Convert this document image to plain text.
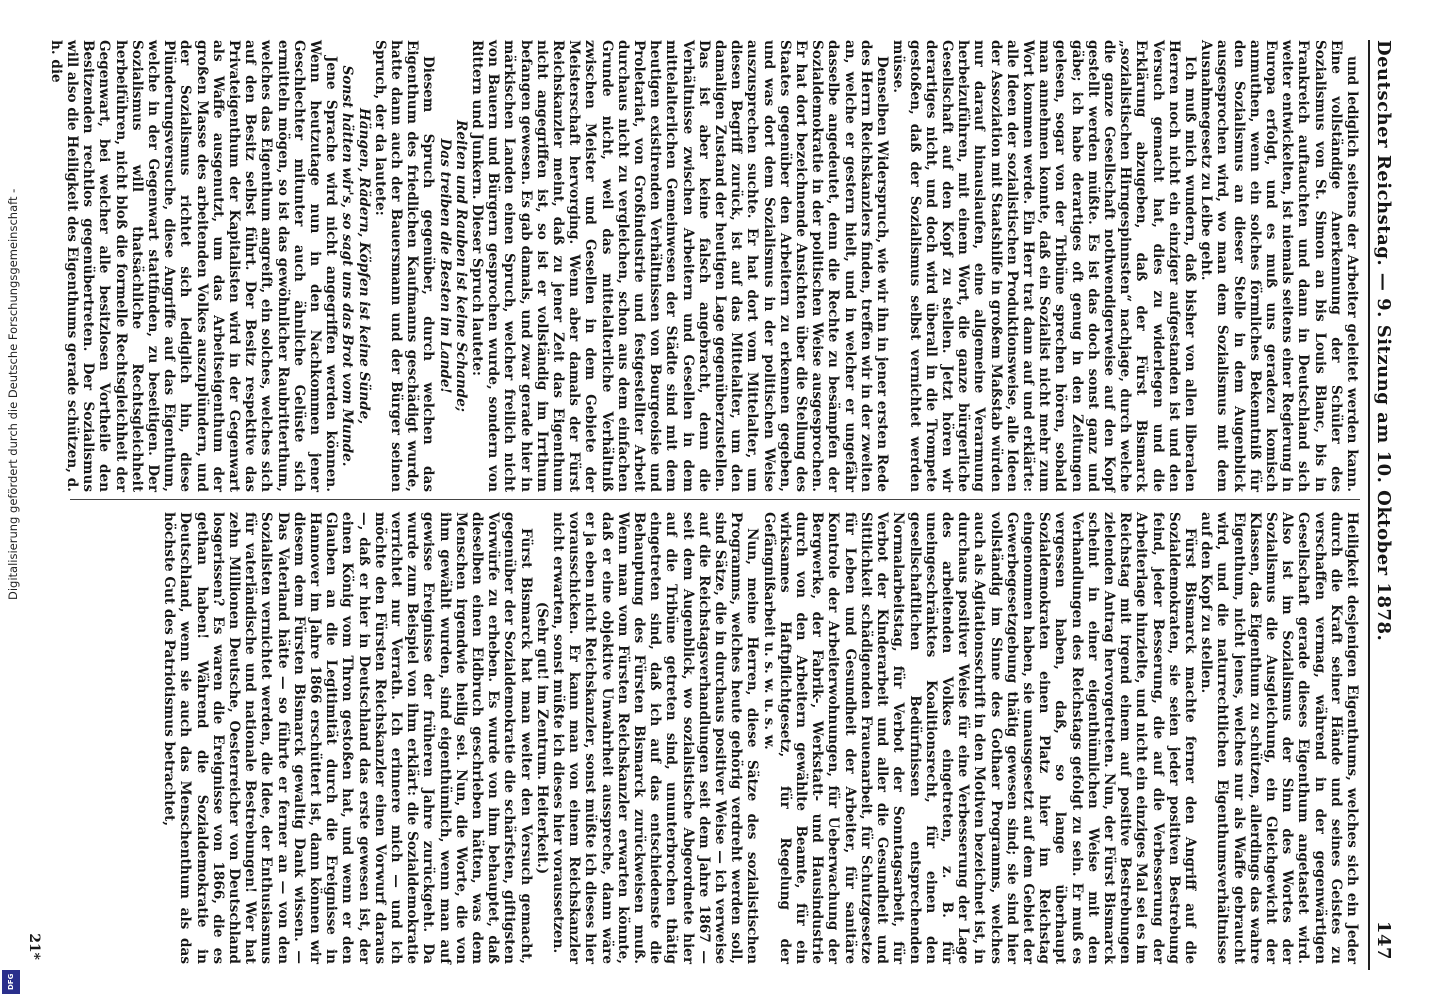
Deutscher Reichstag. — 9. Sitzung am 10. Oktober 1878.
147

und lediglich seitens der Arbeiter geleitet werden kann. Eine vollständige Anerkennung der Schüler des Sozialismus von St. Simon an bis Louis Blanc, bis in Frankreich auftauchten und dann in Deutschland sich weiter entwickelten, ist niemals seitens einer Regierung in Europa erfolgt, und es muß uns geradezu komisch anmuthen, wenn ein solches förmliches Bekenntniß für den Sozialismus an dieser Stelle in dem Augenblick ausgesprochen wird, wo man dem Sozialismus mit dem Ausnahmegesetz zu Leibe geht.

Ich muß mich wundern, daß bisher von allen liberalen Herren noch nicht ein einziger aufgestanden ist und den Versuch gemacht hat, dies zu widerlegen und die Erklärung abzugeben, daß der Fürst Bismarck „sozialistischen Hirngespinnsten“ nachjage, durch welche die ganze Gesellschaft nothwendigerweise auf den Kopf gestellt werden müßte. Es ist das doch sonst ganz und gäbe; ich habe derartiges oft genug in den Zeitungen gelesen, sogar von der Tribüne sprechen hören, sobald man annehmen konnte, daß ein Sozialist nicht mehr zum Wort kommen werde. Ein Herr trat dann auf und erklärte: alle Ideen der sozialistischen Produktionsweise, alle Ideen der Assoziation mit Staatshilfe in großem Maßstab würden nur darauf hinauslaufen, eine allgemeine Verarmung herbeizuführen, mit einem Wort, die ganze bürgerliche Gesellschaft auf den Kopf zu stellen. Jetzt hören wir derartiges nicht, und doch wird überall in die Trompete gestoßen, daß der Sozialismus selbst vernichtet werden müsse.

Denselben Widerspruch, wie wir ihn in jener ersten Rede des Herrn Reichskanzlers finden, treffen wir in der zweiten an, welche er gestern hielt, und in welcher er ungefähr dasselbe angedeutet, denn die Rechte zu besämpfen der Sozialdemokratie in der politischen Weise ausgesprochen. Er hat dort bezeichnende Ansichten über die Stellung des Staates gegenüber den Arbeitern zu erkennen gegeben, und was dort dem Sozialismus in der politischen Weise auszusprechen suchte. Er hat dort vom Mittelalter, um diesen Begriff zurück, ist auf das Mittelalter, um den damaligen Zustand der heutigen Lage gegenüberzustellen. Das ist aber keine falsch angebracht, denn die Verhältnisse zwischen Arbeitern und Gesellen in dem mittelalterlichen Gemeinwesen der Städte sind mit dem heutigen existirenden Verhältnissen von Bourgeoisie und Proletariat, von Großindustrie und festgestellter Arbeit durchaus nicht zu vergleichen, schon aus dem einfachen Grunde nicht, weil das mittelalterliche Verhältniß zwischen Meister und Gesellen in dem Gebiete der Meisterschaft hervorging. Wenn aber damals der Fürst Reichskanzler meint, daß zu jener Zeit das Eigenthum nicht angegriffen ist, so ist er vollständig im Irrthum befangen gewesen. Es gab damals, und zwar gerade hier in märkischen Landen einen Spruch, welcher freilich nicht von Bauern und Bürgern gesprochen wurde, sondern von Rittern und Junkern. Dieser Spruch lautete:

Reiten und Rauben ist keine Schande;

Das treiben die Besten im Lande!

Diesem Spruch gegenüber, durch welchen das Eigenthum des friedlichen Kaufmanns geschädigt wurde, hatte dann auch der Bauersmann und der Bürger seinen Spruch, der da lautete:

Hängen, Rädern, Köpfen ist keine Sünde,

Sonst hätten wir's, so sagt uns das Brot vom Munde.

Jene Sprache wird nicht angegriffen werden können. Wenn heutzutage nun in den Nachkommen jener Geschlechter mitunter auch ähnliche Gelüste sich ermitteln mögen, so ist das gewöhnlicher Raubritterthum, welches das Eigenthum angreift, ein solches, welches sich auf den Besitz selbst führt. Der Besitz respektive das Privateigenthum der Kapitalisten wird in der Gegenwart als Waffe ausgenutzt, um das Arbeitseigenthum der großen Masse des arbeitenden Volkes auszuplündern, und der Sozialismus richtet sich lediglich hin, diese Plünderungsversuche, diese Angriffe auf das Eigenthum, welche in der Gegenwart stattfinden, zu beseitigen. Der Sozialismus will thatsächliche Rechtsgleichheit herbeiführen, nicht bloß die formelle Rechtsgleichheit der Gegenwart, bei welcher alle besitzlosen Vortheile den Besitzenden rechtlos gegenübertreten. Der Sozialismus will also die Heiligkeit des Eigenthums gerade schützen, d. h. die

Heiligkeit desjenigen Eigenthums, welches sich ein Jeder durch die Kraft seiner Hände und seines Geistes zu verschaffen vermag, während in der gegenwärtigen Gesellschaft gerade dieses Eigenthum angetastet wird. Also ist im Sozialismus der Sinn des Wortes der Sozialismus die Ausgleichung, ein Gleichgewicht der Klassen, das Eigenthum zu schützen, allerdings das wahre Eigenthum, nicht jenes, welches nur als Waffe gebraucht wird, und die naturrechtlichen Eigenthumsverhältnisse auf den Kopf zu stellen.

Fürst Bismarck machte ferner den Angriff auf die Sozialdemokraten, sie seien jeder positiven Bestrebung feind, jeder Besserung, die auf die Verbesserung der Arbeiterlage hinzielte, und nicht ein einziges Mal sei es im Reichstag mit irgend einem auf positive Bestrebungen zielenden Antrag hervorgetreten. Nun, der Fürst Bismarck scheint in einer eigenthümlichen Weise mit den Verhandlungen des Reichstags gefolgt zu sein. Er muß es vergessen haben, daß, so lange überhaupt Sozialdemokraten einen Platz hier im Reichstag eingenommen haben, sie unausgesetzt auf dem Gebiet der Gewerbegesetzgebung thätig gewesen sind; sie sind hier vollständig im Sinne des Gothaer Programms, welches auch als Agitationsschrift in den Motiven bezeichnet ist, in durchaus positiver Weise für eine Verbesserung der Lage des arbeitenden Volkes eingetreten, z. B. für uneingeschränktes Koalitionsrecht, für einen den gesellschaftlichen Bedürfnissen entsprechenden Normalarbeitstag, für Verbot der Sonntagsarbeit, für Verbot der Kinderarbeit und aller die Gesundheit und Sittlichkeit schädigenden Frauenarbeit, für Schutzgesetze für Leben und Gesundheit der Arbeiter, für sanitäre Kontrole der Arbeiterwohnungen, für Ueberwachung der Bergwerke, der Fabrik-, Werkstatt- und Hausindustrie durch von den Arbeitern gewählte Beamte, für ein wirksames Haftpflichtgesetz, für Regelung der Gefängnißarbeit u. s. w. u. s. w.

Nun, meine Herren, diese Sätze des sozialistischen Programms, welches heute gehörig verdreht werden soll, sind Sätze, die in durchaus positiver Weise — ich verweise auf die Reichstagsverhandlungen seit dem Jahre 1867 — seit dem Augenblick, wo sozialistische Abgeordnete hier auf die Tribüne getreten sind, ununterbrochen thätig eingetreten sind, daß ich auf das entschiedenste die Behauptung des Fürsten Bismarck zurückweisen muß. Wenn man vom Fürsten Reichskanzler erwarten könnte, daß er eine objektive Unwahrheit ausspreche, dann wäre er ja eben nicht Reichskanzler, sonst müßte ich dieses hier vorausschicken. Er kann man von einem Reichskanzler nicht erwarten, sonst müßte ich dieses hier voraussetzen.

(Sehr gut! im Zentrum. Heiterkeit.)

Fürst Bismarck hat man weiter den Versuch gemacht, gegenüber der Sozialdemokratie die schärfsten, giftigsten Vorwürfe zu erheben. Es wurde von ihm behauptet, daß dieselben einen Eidbruch geschrieben hätten, was dem Menschen irgendwie heilig sei. Nun, die Worte, die von ihm gewählt wurden, sind eigenthümlich, wenn man auf gewisse Ereignisse der früheren Jahre zurückgeht. Da wurde zum Beispiel von ihm erklärt: die Sozialdemokratie verrichtet nur Verrath. Ich erinnere mich — und ich möchte den Fürsten Reichskanzler einen Vorwurf daraus —, daß er hier in Deutschland das erste gewesen ist, der einen König vom Thron gestoßen hat, und wenn er den Glauben an die Legitimität durch die Ereignisse in Hannover im Jahre 1866 erschüttert ist, dann können wir diesem dem Fürsten Bismarck gewaltig Dank wissen. — Das Vaterland hätte — so führte er ferner an — von den Sozialisten vernichtet werden, die Idee, der Enthusiasmus für vaterländische und nationale Bestrebungen! Wer hat zehn Millionen Deutsche, Oesterreicher von Deutschland losgerissen? Es waren die Ereignisse von 1866, die es gethan haben! Während die Sozialdemokratie in Deutschland, wenn sie auch das Menschenthum als das höchste Gut des Patriotismus betrachtet,

21*
Digitalisierung gefördert durch die Deutsche Forschungsgemeinschaft -
DFG
